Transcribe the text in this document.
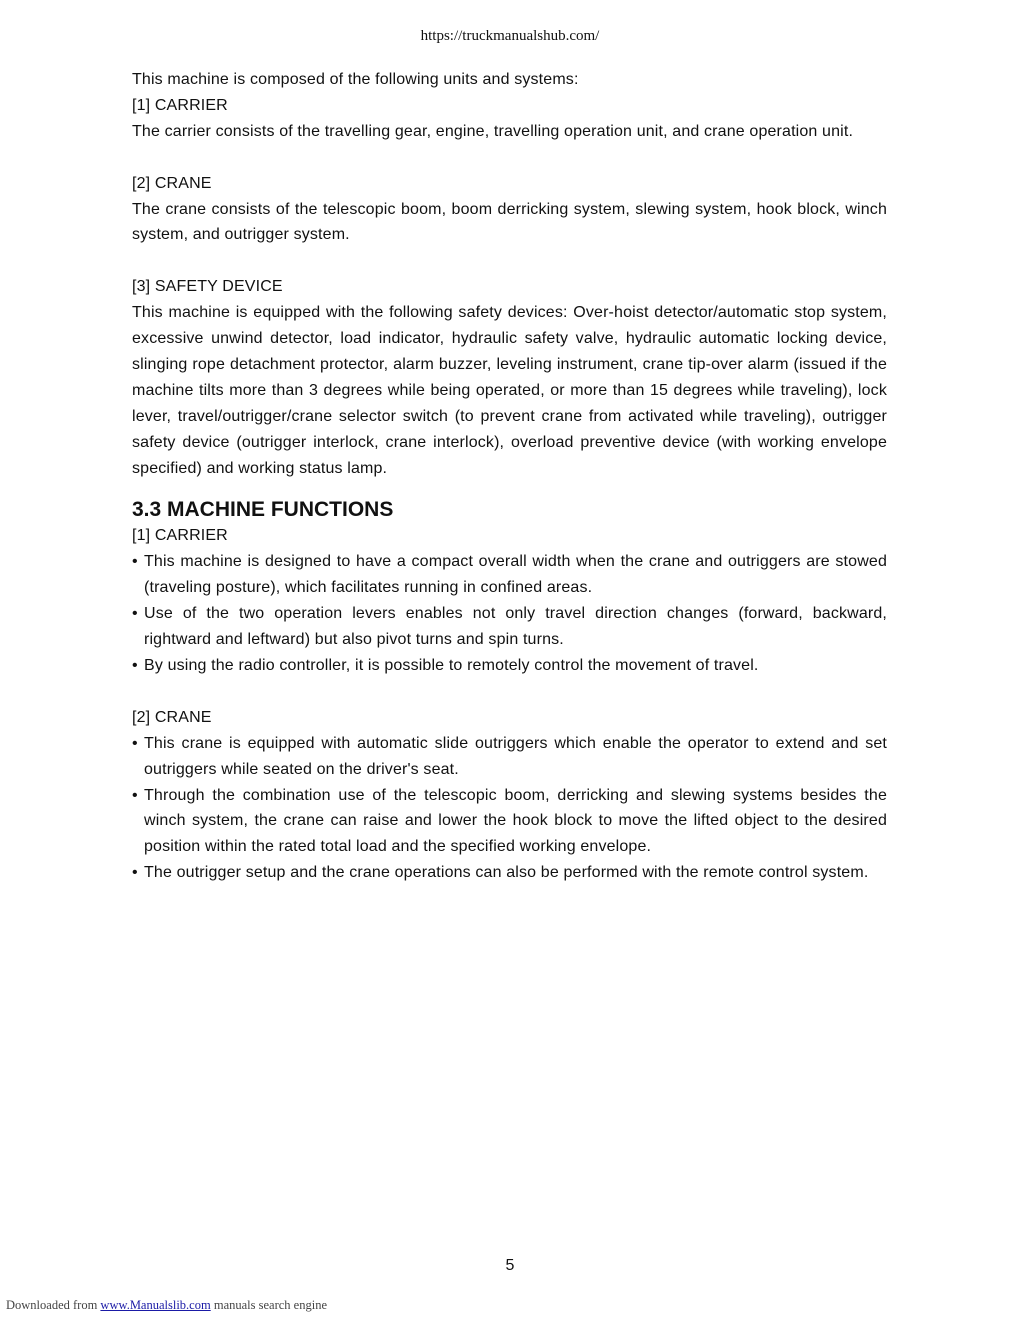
https://truckmanualshub.com/

This machine is composed of the following units and systems:

[1] CARRIER

The carrier consists of the travelling gear, engine, travelling operation unit, and crane operation unit.

[2] CRANE

The crane consists of the telescopic boom, boom derricking system, slewing system, hook block, winch system, and outrigger system.

[3] SAFETY DEVICE

This machine is equipped with the following safety devices: Over-hoist detector/automatic stop system, excessive unwind detector, load indicator, hydraulic safety valve, hydraulic automatic locking device, slinging rope detachment protector, alarm buzzer, leveling instrument, crane tip-over alarm (issued if the machine tilts more than 3 degrees while being operated, or more than 15 degrees while traveling), lock lever, travel/outrigger/crane selector switch (to prevent crane from activated while traveling), outrigger safety device (outrigger interlock, crane interlock), overload preventive device (with working envelope specified) and working status lamp.

3.3 MACHINE FUNCTIONS

[1] CARRIER

• This machine is designed to have a compact overall width when the crane and outriggers are stowed (traveling posture), which facilitates running in confined areas.
• Use of the two operation levers enables not only travel direction changes (forward, backward, rightward and leftward) but also pivot turns and spin turns.
• By using the radio controller, it is possible to remotely control the movement of travel.

[2] CRANE

• This crane is equipped with automatic slide outriggers which enable the operator to extend and set outriggers while seated on the driver's seat.
• Through the combination use of the telescopic boom, derricking and slewing systems besides the winch system, the crane can raise and lower the hook block to move the lifted object to the desired position within the rated total load and the specified working envelope.
• The outrigger setup and the crane operations can also be performed with the remote control system.
5
Downloaded from www.Manualslib.com manuals search engine
